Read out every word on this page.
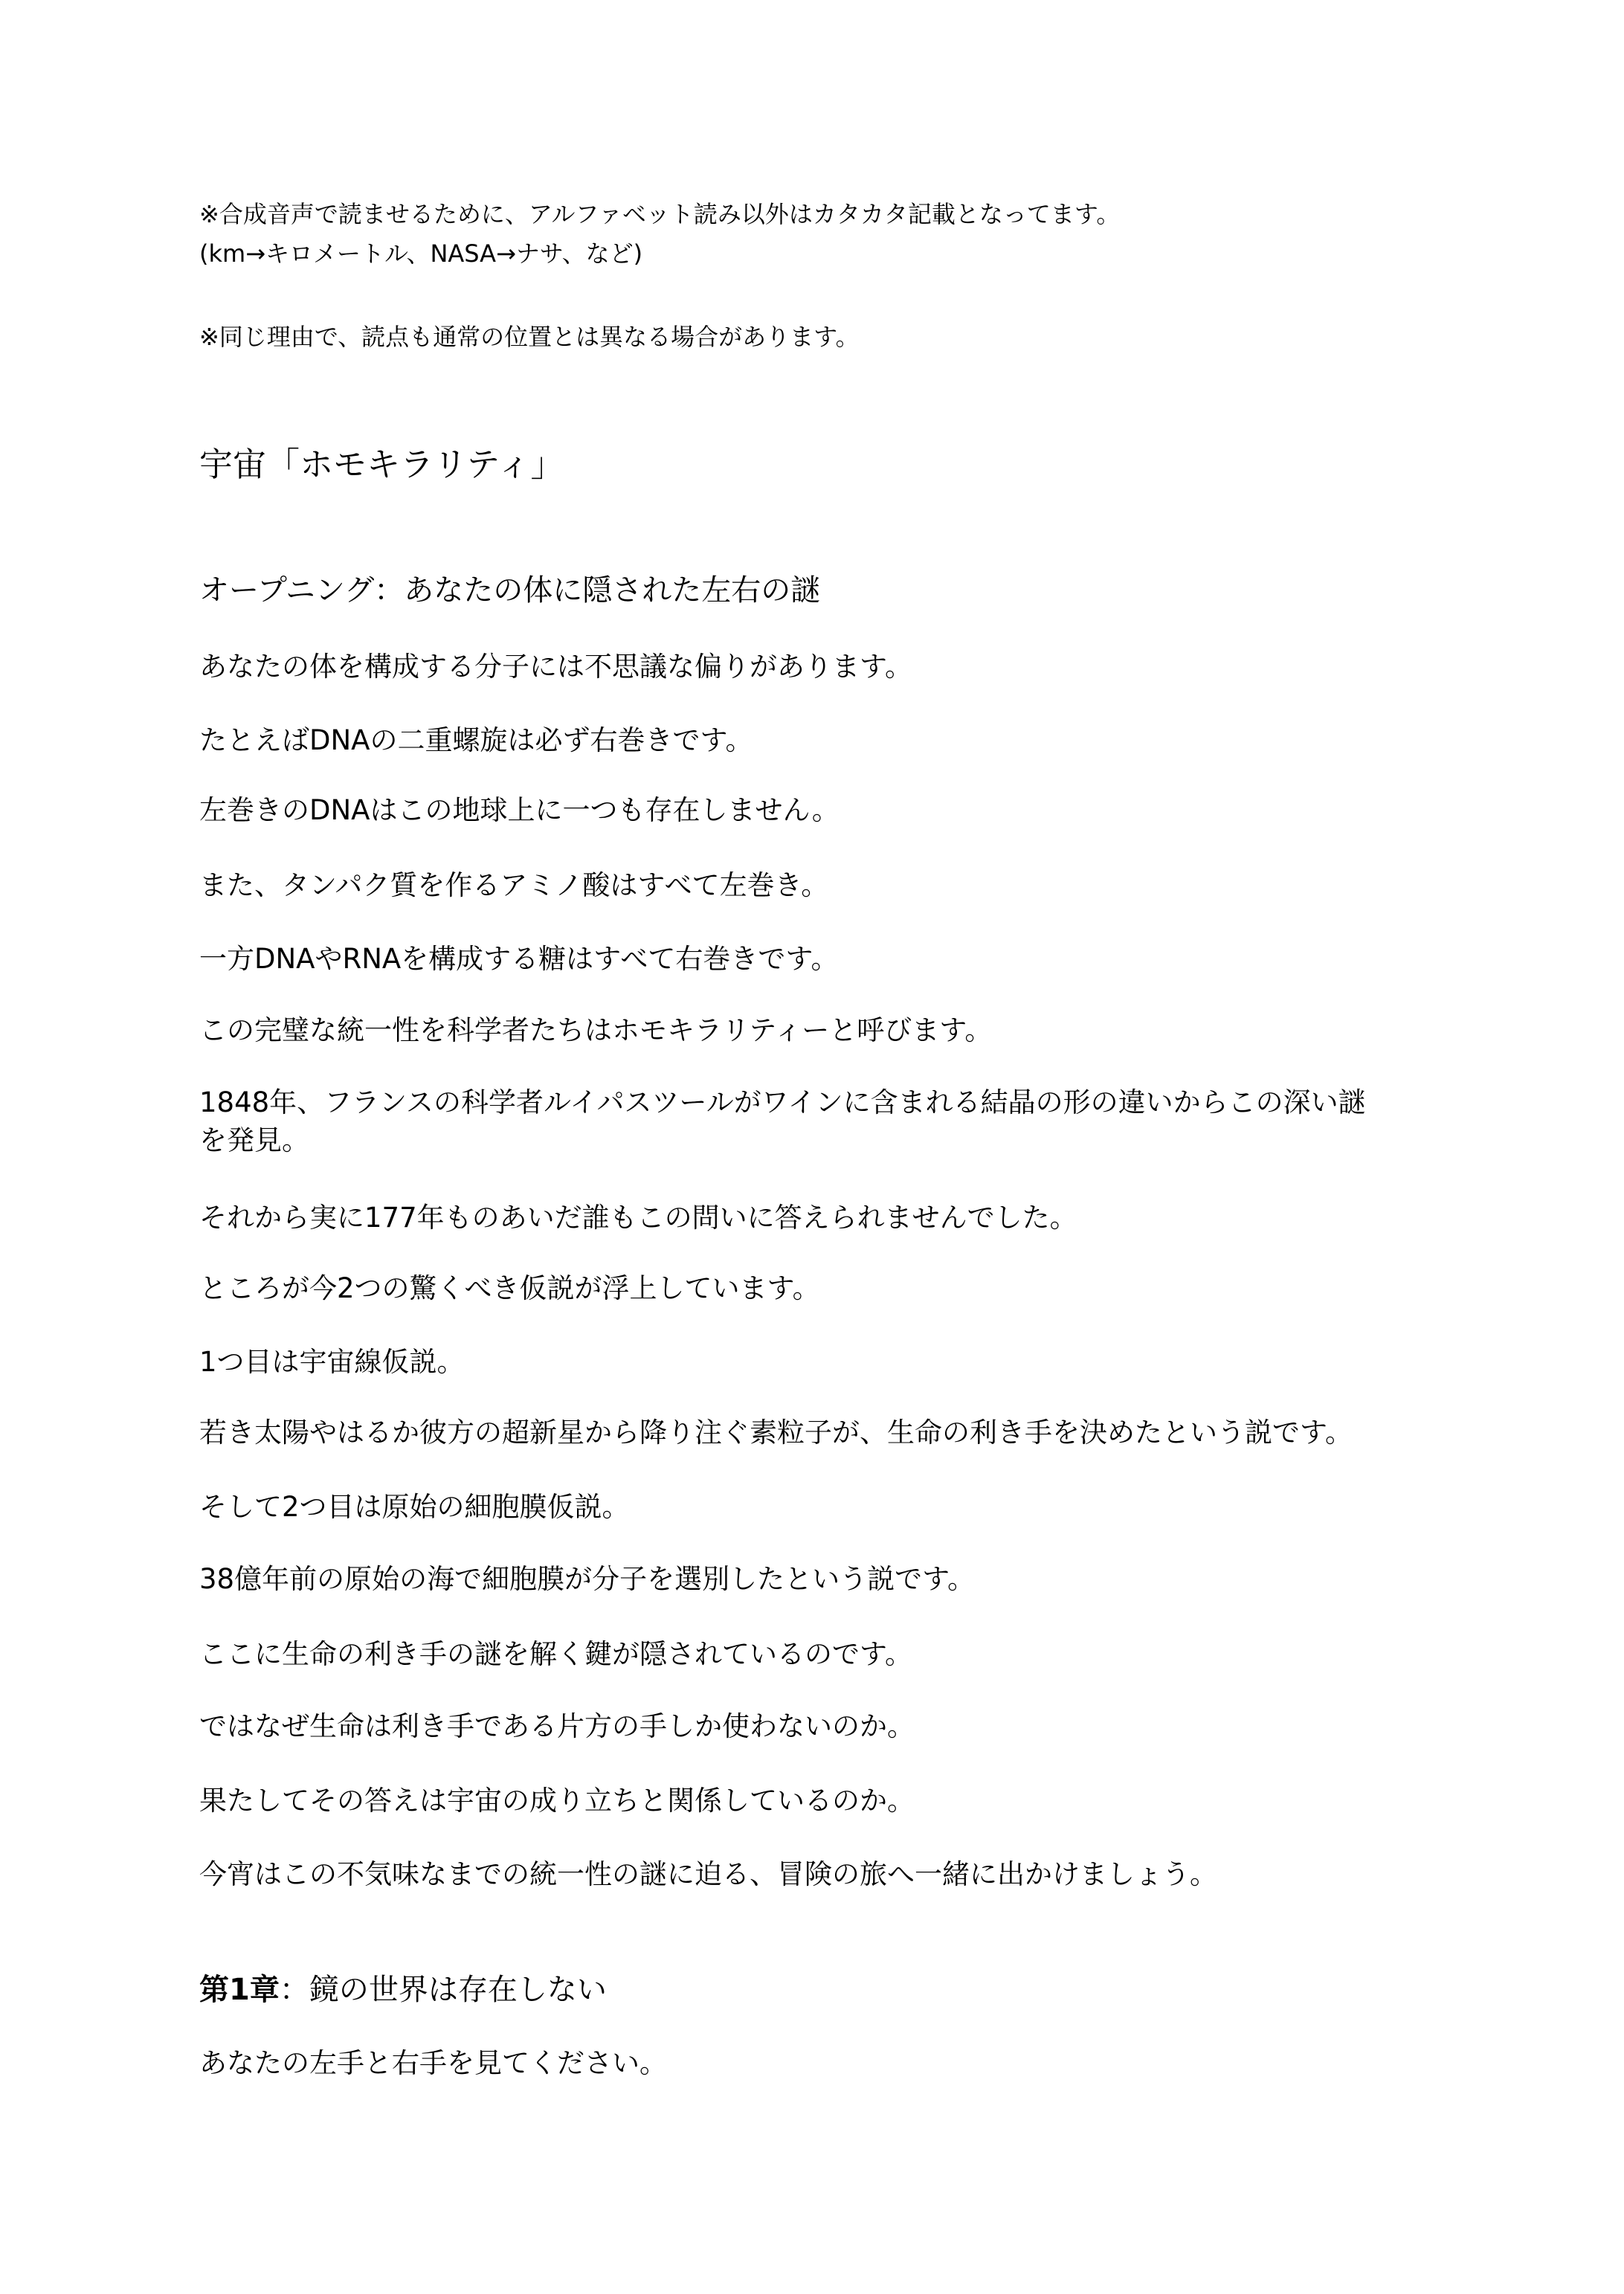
※合成音声で読ませるために、アルファベット読み以外はカタカタ記載となってます。

(km→キロメートル、NASA→ナサ、など)

※同じ理由で、読点も通常の位置とは異なる場合があります。

宇宙「ホモキラリティ」
オープニング：あなたの体に隠された左右の謎

あなたの体を構成する分子には不思議な偏りがあります。

たとえばDNAの二重螺旋は必ず右巻きです。

左巻きのDNAはこの地球上に一つも存在しません。

また、タンパク質を作るアミノ酸はすべて左巻き。

一方DNAやRNAを構成する糖はすべて右巻きです。

この完璧な統一性を科学者たちはホモキラリティーと呼びます。

1848年、フランスの科学者ルイパスツールがワインに含まれる結晶の形の違いからこの深い謎

を発見。

それから実に177年ものあいだ誰もこの問いに答えられませんでした。

ところが今2つの驚くべき仮説が浮上しています。

1つ目は宇宙線仮説。

若き太陽やはるか彼方の超新星から降り注ぐ素粒子が、生命の利き手を決めたという説です。

そして2つ目は原始の細胞膜仮説。

38億年前の原始の海で細胞膜が分子を選別したという説です。

ここに生命の利き手の謎を解く鍵が隠されているのです。

ではなぜ生命は利き手である片方の手しか使わないのか。

果たしてその答えは宇宙の成り立ちと関係しているのか。

今宵はこの不気味なまでの統一性の謎に迫る、冒険の旅へ一緒に出かけましょう。

第1章：鏡の世界は存在しない

あなたの左手と右手を見てください。
